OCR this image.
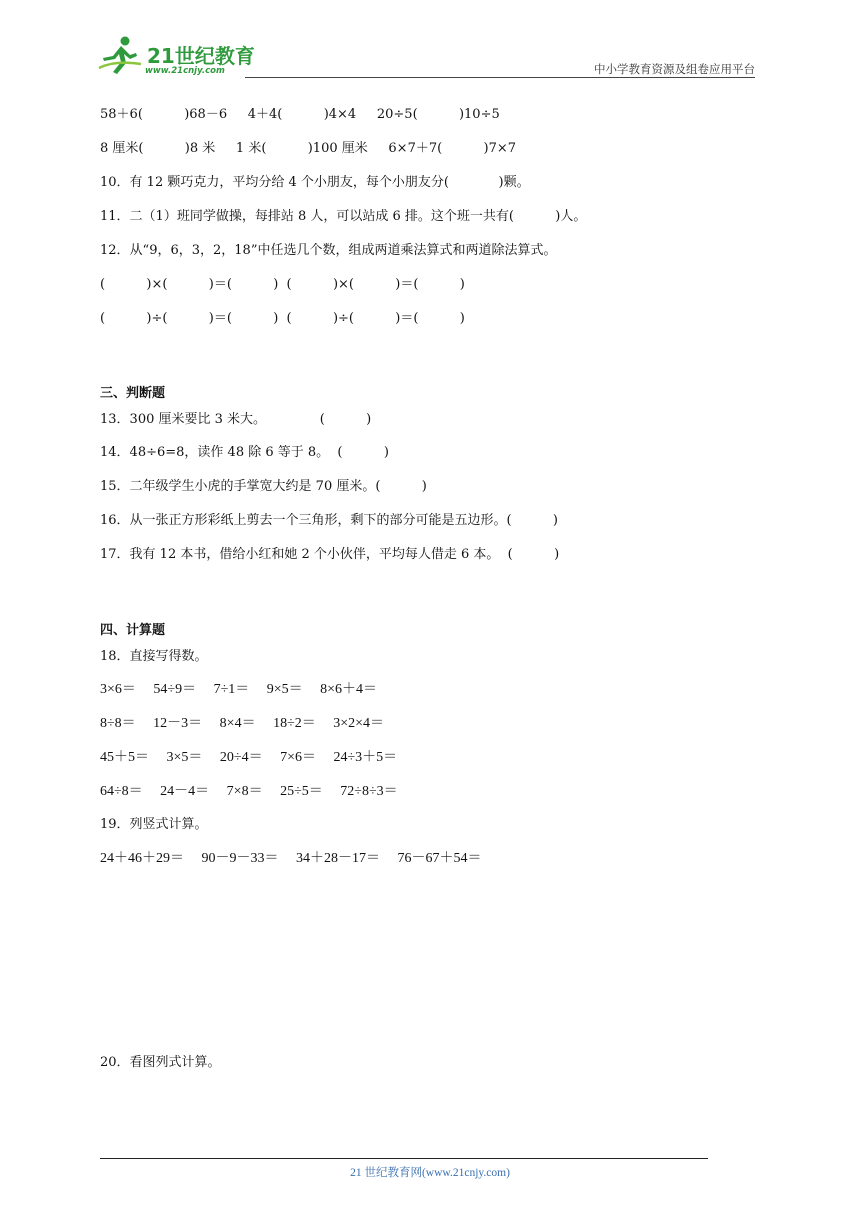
21世纪教育
www.21cnjy.com	中小学教育资源及组卷应用平台
58＋6(          )68－6     4＋4(          )4×4     20÷5(          )10÷5
8 厘米(          )8 米     1 米(          )100 厘米     6×7＋7(          )7×7
10．有 12 颗巧克力，平均分给 4 个小朋友，每个小朋友分(            )颗。
11．二（1）班同学做操，每排站 8 人，可以站成 6 排。这个班一共有(          )人。
12．从“9，6，3，2，18”中任选几个数，组成两道乘法算式和两道除法算式。
(          )×(          )＝(          )  (          )×(          )＝(          )
(          )÷(          )＝(          )  (          )÷(          )＝(          )
三、判断题
13．300 厘米要比 3 米大。             (          )
14．48÷6=8，读作 48 除 6 等于 8。  (          )
15．二年级学生小虎的手掌宽大约是 70 厘米。(          )
16．从一张正方形彩纸上剪去一个三角形，剩下的部分可能是五边形。(          )
17．我有 12 本书，借给小红和她 2 个小伙伴，平均每人借走 6 本。  (          )
四、计算题
18．直接写得数。
3×6＝     54÷9＝     7÷1＝     9×5＝     8×6＋4＝
8÷8＝     12－3＝     8×4＝     18÷2＝     3×2×4＝
45＋5＝     3×5＝     20÷4＝     7×6＝     24÷3＋5＝
64÷8＝     24－4＝     7×8＝     25÷5＝     72÷8÷3＝
19．列竖式计算。
24＋46＋29＝     90－9－33＝     34＋28－17＝     76－67＋54＝
20．看图列式计算。
21 世纪教育网(www.21cnjy.com)
